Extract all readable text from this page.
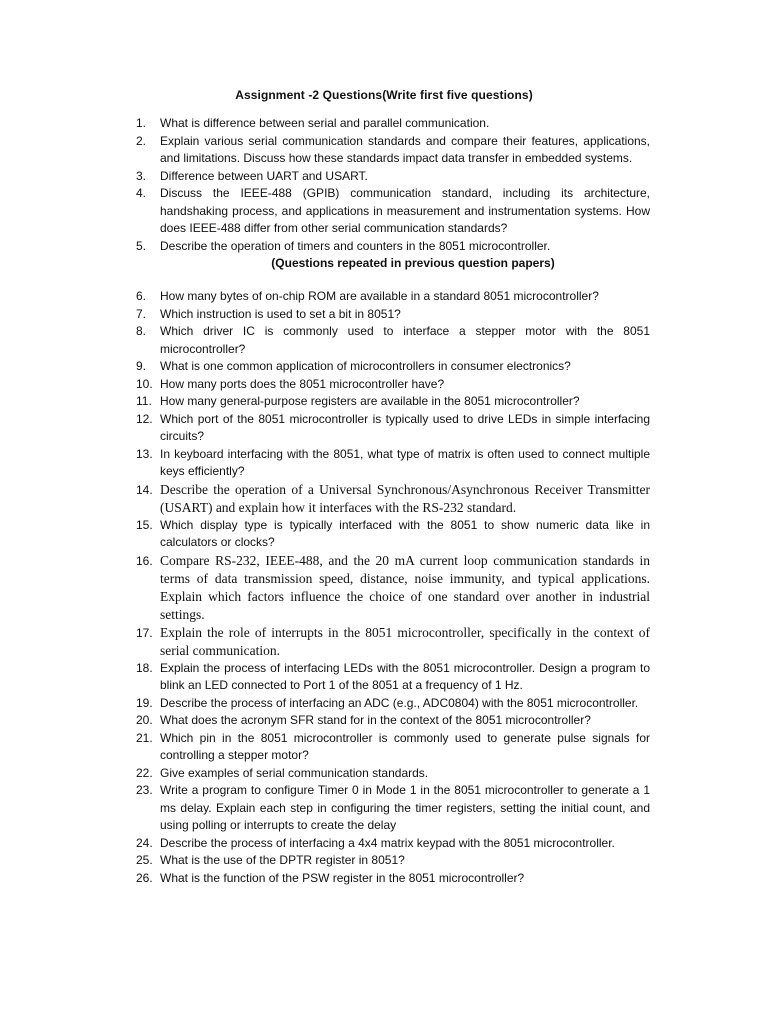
Assignment -2 Questions(Write first five questions)
1.	What is difference between serial and parallel communication.
2.	Explain various serial communication standards and compare their features, applications, and limitations. Discuss how these standards impact data transfer in embedded systems.
3.	Difference between UART and USART.
4.	Discuss the IEEE-488 (GPIB) communication standard, including its architecture, handshaking process, and applications in measurement and instrumentation systems. How does IEEE-488 differ from other serial communication standards?
5.	Describe the operation of timers and counters in the 8051 microcontroller.
(Questions repeated in previous question papers)
6.	How many bytes of on-chip ROM are available in a standard 8051 microcontroller?
7.	Which instruction is used to set a bit in 8051?
8.	Which driver IC is commonly used to interface a stepper motor with the 8051 microcontroller?
9.	What is one common application of microcontrollers in consumer electronics?
10. How many ports does the 8051 microcontroller have?
11. How many general-purpose registers are available in the 8051 microcontroller?
12. Which port of the 8051 microcontroller is typically used to drive LEDs in simple interfacing circuits?
13. In keyboard interfacing with the 8051, what type of matrix is often used to connect multiple keys efficiently?
14. Describe the operation of a Universal Synchronous/Asynchronous Receiver Transmitter (USART) and explain how it interfaces with the RS-232 standard.
15. Which display type is typically interfaced with the 8051 to show numeric data like in calculators or clocks?
16. Compare RS-232, IEEE-488, and the 20 mA current loop communication standards in terms of data transmission speed, distance, noise immunity, and typical applications. Explain which factors influence the choice of one standard over another in industrial settings.
17. Explain the role of interrupts in the 8051 microcontroller, specifically in the context of serial communication.
18. Explain the process of interfacing LEDs with the 8051 microcontroller. Design a program to blink an LED connected to Port 1 of the 8051 at a frequency of 1 Hz.
19. Describe the process of interfacing an ADC (e.g., ADC0804) with the 8051 microcontroller.
20. What does the acronym SFR stand for in the context of the 8051 microcontroller?
21. Which pin in the 8051 microcontroller is commonly used to generate pulse signals for controlling a stepper motor?
22. Give examples of serial communication standards.
23. Write a program to configure Timer 0 in Mode 1 in the 8051 microcontroller to generate a 1 ms delay. Explain each step in configuring the timer registers, setting the initial count, and using polling or interrupts to create the delay
24. Describe the process of interfacing a 4x4 matrix keypad with the 8051 microcontroller.
25. What is the use of the DPTR register in 8051?
26. What is the function of the PSW register in the 8051 microcontroller?
